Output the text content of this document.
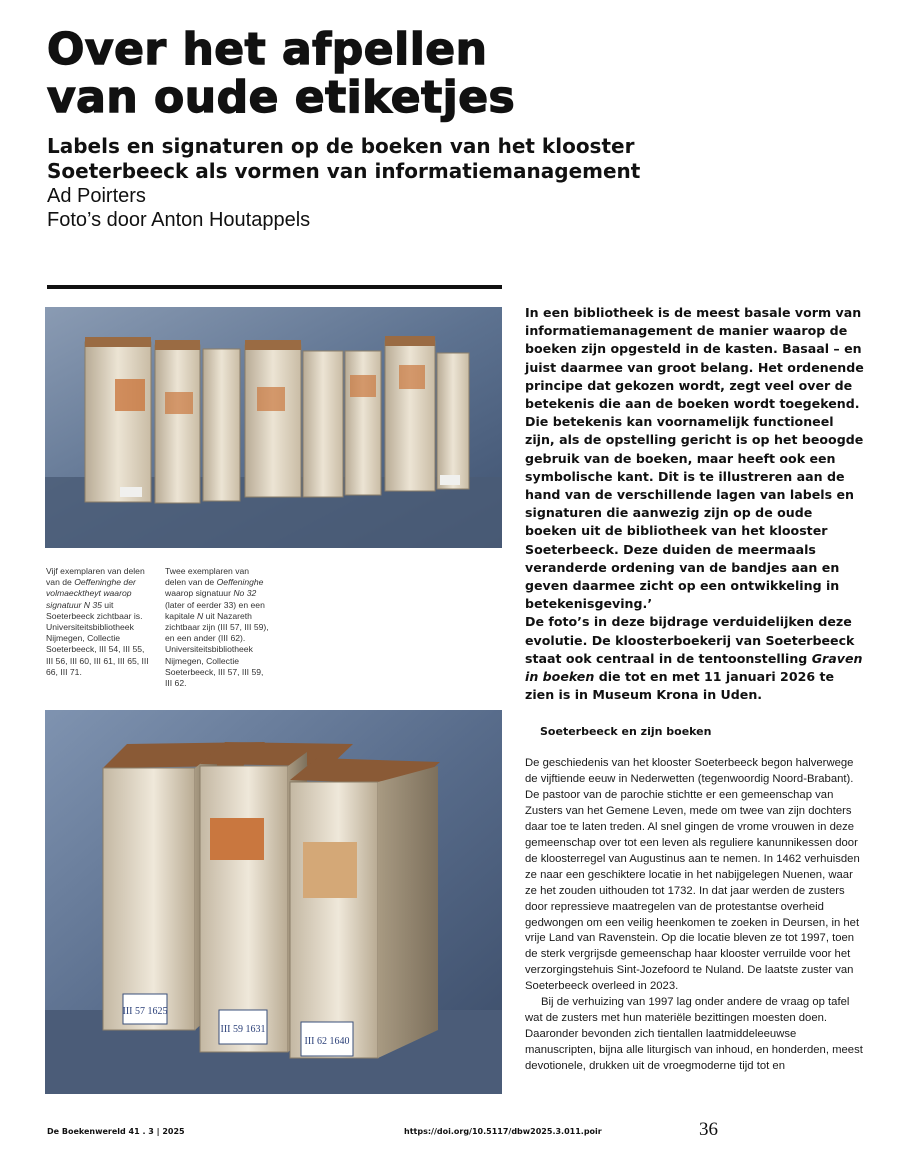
Over het afpellen
van oude etiketjes
Labels en signaturen op de boeken van het klooster
Soeterbeeck als vormen van informatiemanagement

Ad Poirters

Foto’s door Anton Houtappels

Vijf exemplaren van delen van de Oeffeninghe der volmaecktheyt waarop signatuur N 35 uit Soeterbeeck zichtbaar is. Universiteitsbibliotheek Nijmegen, Collectie Soeterbeeck, III 54, III 55, III 56, III 60, III 61, III 65, III 66, III 71.

Twee exemplaren van delen van de Oeffeninghe waarop signatuur No 32 (later of eerder 33) en een kapitale N uit Nazareth zichtbaar zijn (III 57, III 59), en een ander (III 62). Universiteitsbibliotheek Nijmegen, Collectie Soeterbeeck, III 57, III 59, III 62.

III 57 1625
III 59 1631
III 62 1640

In een bibliotheek is de meest basale vorm van informatiemanagement de manier waarop de boeken zijn opgesteld in de kasten. Basaal – en juist daarmee van groot belang. Het ordenende principe dat gekozen wordt, zegt veel over de betekenis die aan de boeken wordt toegekend. Die betekenis kan voornamelijk functioneel zijn, als de opstelling gericht is op het beoogde gebruik van de boeken, maar heeft ook een symbolische kant. Dit is te illustreren aan de hand van de verschillende lagen van labels en signaturen die aanwezig zijn op de oude boeken uit de bibliotheek van het klooster Soeterbeeck. Deze duiden de meermaals veranderde ordening van de bandjes aan en geven daarmee zicht op een ontwikkeling in betekenisgeving.’

De foto’s in deze bijdrage verduidelijken deze evolutie. De kloosterboekerij van Soeterbeeck staat ook centraal in de tentoonstelling Graven in boeken die tot en met 11 januari 2026 te zien is in Museum Krona in Uden.

Soeterbeeck en zijn boeken

De geschiedenis van het klooster Soeterbeeck begon halverwege de vijftiende eeuw in Nederwetten (tegenwoordig Noord-Brabant). De pastoor van de parochie stichtte er een gemeenschap van Zusters van het Gemene Leven, mede om twee van zijn dochters daar toe te laten treden. Al snel gingen de vrome vrouwen in deze gemeenschap over tot een leven als reguliere kanunnikessen door de kloosterregel van Augustinus aan te nemen. In 1462 verhuisden ze naar een geschiktere locatie in het nabijgelegen Nuenen, waar ze het zouden uithouden tot 1732. In dat jaar werden de zusters door repressieve maatregelen van de protestantse overheid gedwongen om een veilig heenkomen te zoeken in Deursen, in het vrije Land van Ravenstein. Op die locatie bleven ze tot 1997, toen de sterk vergrijsde gemeenschap haar klooster verruilde voor het verzorgingstehuis Sint-Jozefoord te Nuland. De laatste zuster van Soeterbeeck overleed in 2023.

Bij de verhuizing van 1997 lag onder andere de vraag op tafel wat de zusters met hun materiële bezittingen moesten doen. Daaronder bevonden zich tientallen laatmiddeleeuwse manuscripten, bijna alle liturgisch van inhoud, en honderden, meest devotionele, drukken uit de vroegmoderne tijd tot en

De Boekenwereld 41 . 3 | 2025	https://doi.org/10.5117/dbw2025.3.011.poir	36
